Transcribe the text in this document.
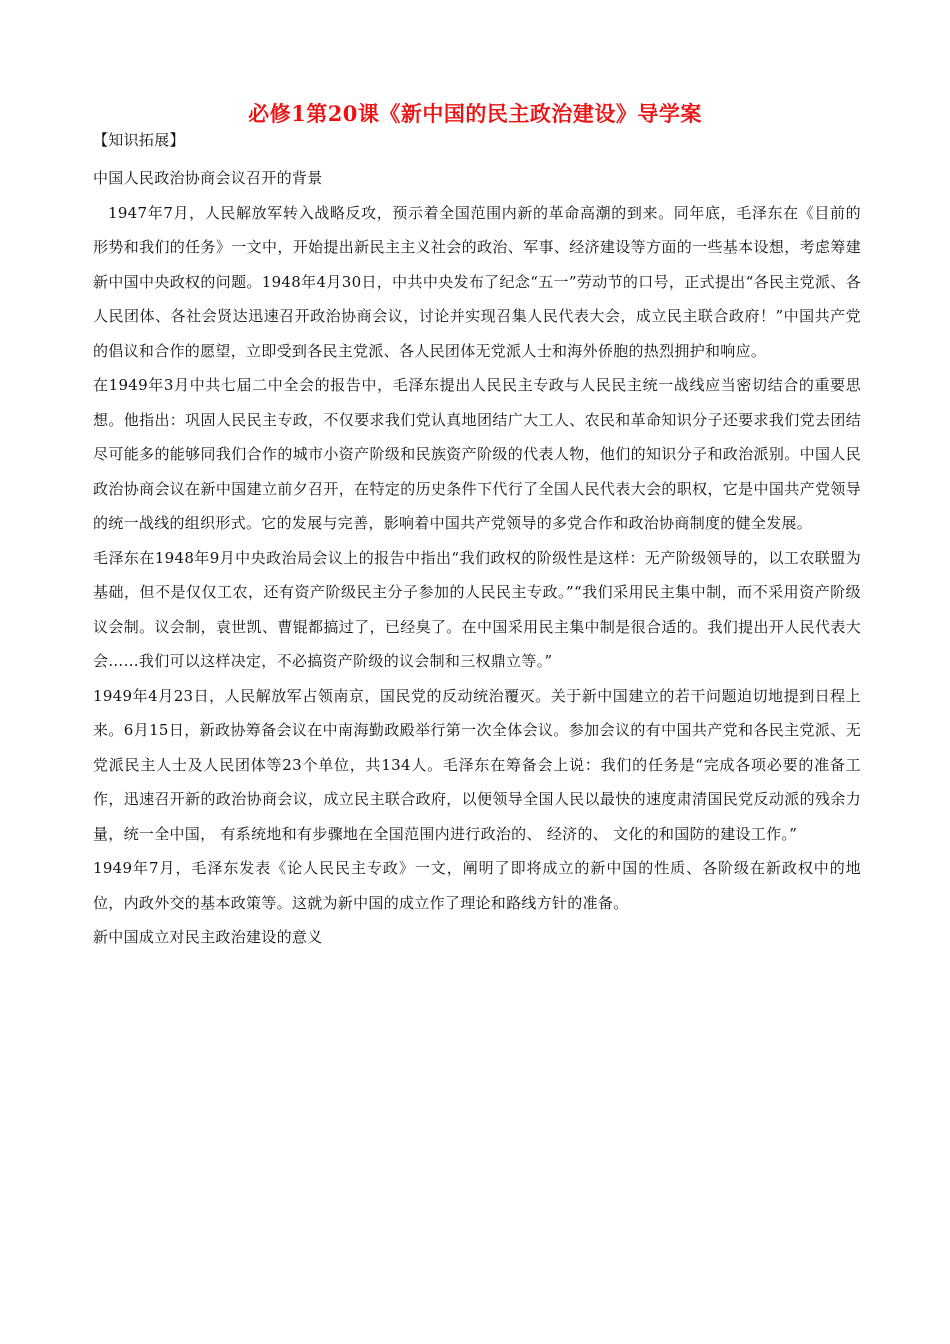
必修1第20课《新中国的民主政治建设》导学案

【知识拓展】

中国人民政治协商会议召开的背景

1947年7月，人民解放军转入战略反攻，预示着全国范围内新的革命高潮的到来。同年底，毛泽东在《目前的形势和我们的任务》一文中，开始提出新民主主义社会的政治、军事、经济建设等方面的一些基本设想，考虑筹建新中国中央政权的问题。1948年4月30日，中共中央发布了纪念“五一”劳动节的口号，正式提出“各民主党派、各人民团体、各社会贤达迅速召开政治协商会议，讨论并实现召集人民代表大会，成立民主联合政府！”中国共产党的倡议和合作的愿望，立即受到各民主党派、各人民团体无党派人士和海外侨胞的热烈拥护和响应。

在1949年3月中共七届二中全会的报告中，毛泽东提出人民民主专政与人民民主统一战线应当密切结合的重要思想。他指出：巩固人民民主专政，不仅要求我们党认真地团结广大工人、农民和革命知识分子还要求我们党去团结尽可能多的能够同我们合作的城市小资产阶级和民族资产阶级的代表人物，他们的知识分子和政治派别。中国人民政治协商会议在新中国建立前夕召开，在特定的历史条件下代行了全国人民代表大会的职权，它是中国共产党领导的统一战线的组织形式。它的发展与完善，影响着中国共产党领导的多党合作和政治协商制度的健全发展。

毛泽东在1948年9月中央政治局会议上的报告中指出“我们政权的阶级性是这样：无产阶级领导的，以工农联盟为基础，但不是仅仅工农，还有资产阶级民主分子参加的人民民主专政。”“我们采用民主集中制，而不采用资产阶级议会制。议会制，袁世凯、曹锟都搞过了，已经臭了。在中国采用民主集中制是很合适的。我们提出开人民代表大会……我们可以这样决定，不必搞资产阶级的议会制和三权鼎立等。”

1949年4月23日，人民解放军占领南京，国民党的反动统治覆灭。关于新中国建立的若干问题迫切地提到日程上来。6月15日，新政协筹备会议在中南海勤政殿举行第一次全体会议。参加会议的有中国共产党和各民主党派、无党派民主人士及人民团体等23个单位，共134人。毛泽东在筹备会上说：我们的任务是“完成各项必要的准备工作，迅速召开新的政治协商会议，成立民主联合政府，以便领导全国人民以最快的速度肃清国民党反动派的残余力量，统一全中国， 有系统地和有步骤地在全国范围内进行政治的、 经济的、 文化的和国防的建设工作。”

1949年7月，毛泽东发表《论人民民主专政》一文，阐明了即将成立的新中国的性质、各阶级在新政权中的地位，内政外交的基本政策等。这就为新中国的成立作了理论和路线方针的准备。

新中国成立对民主政治建设的意义
